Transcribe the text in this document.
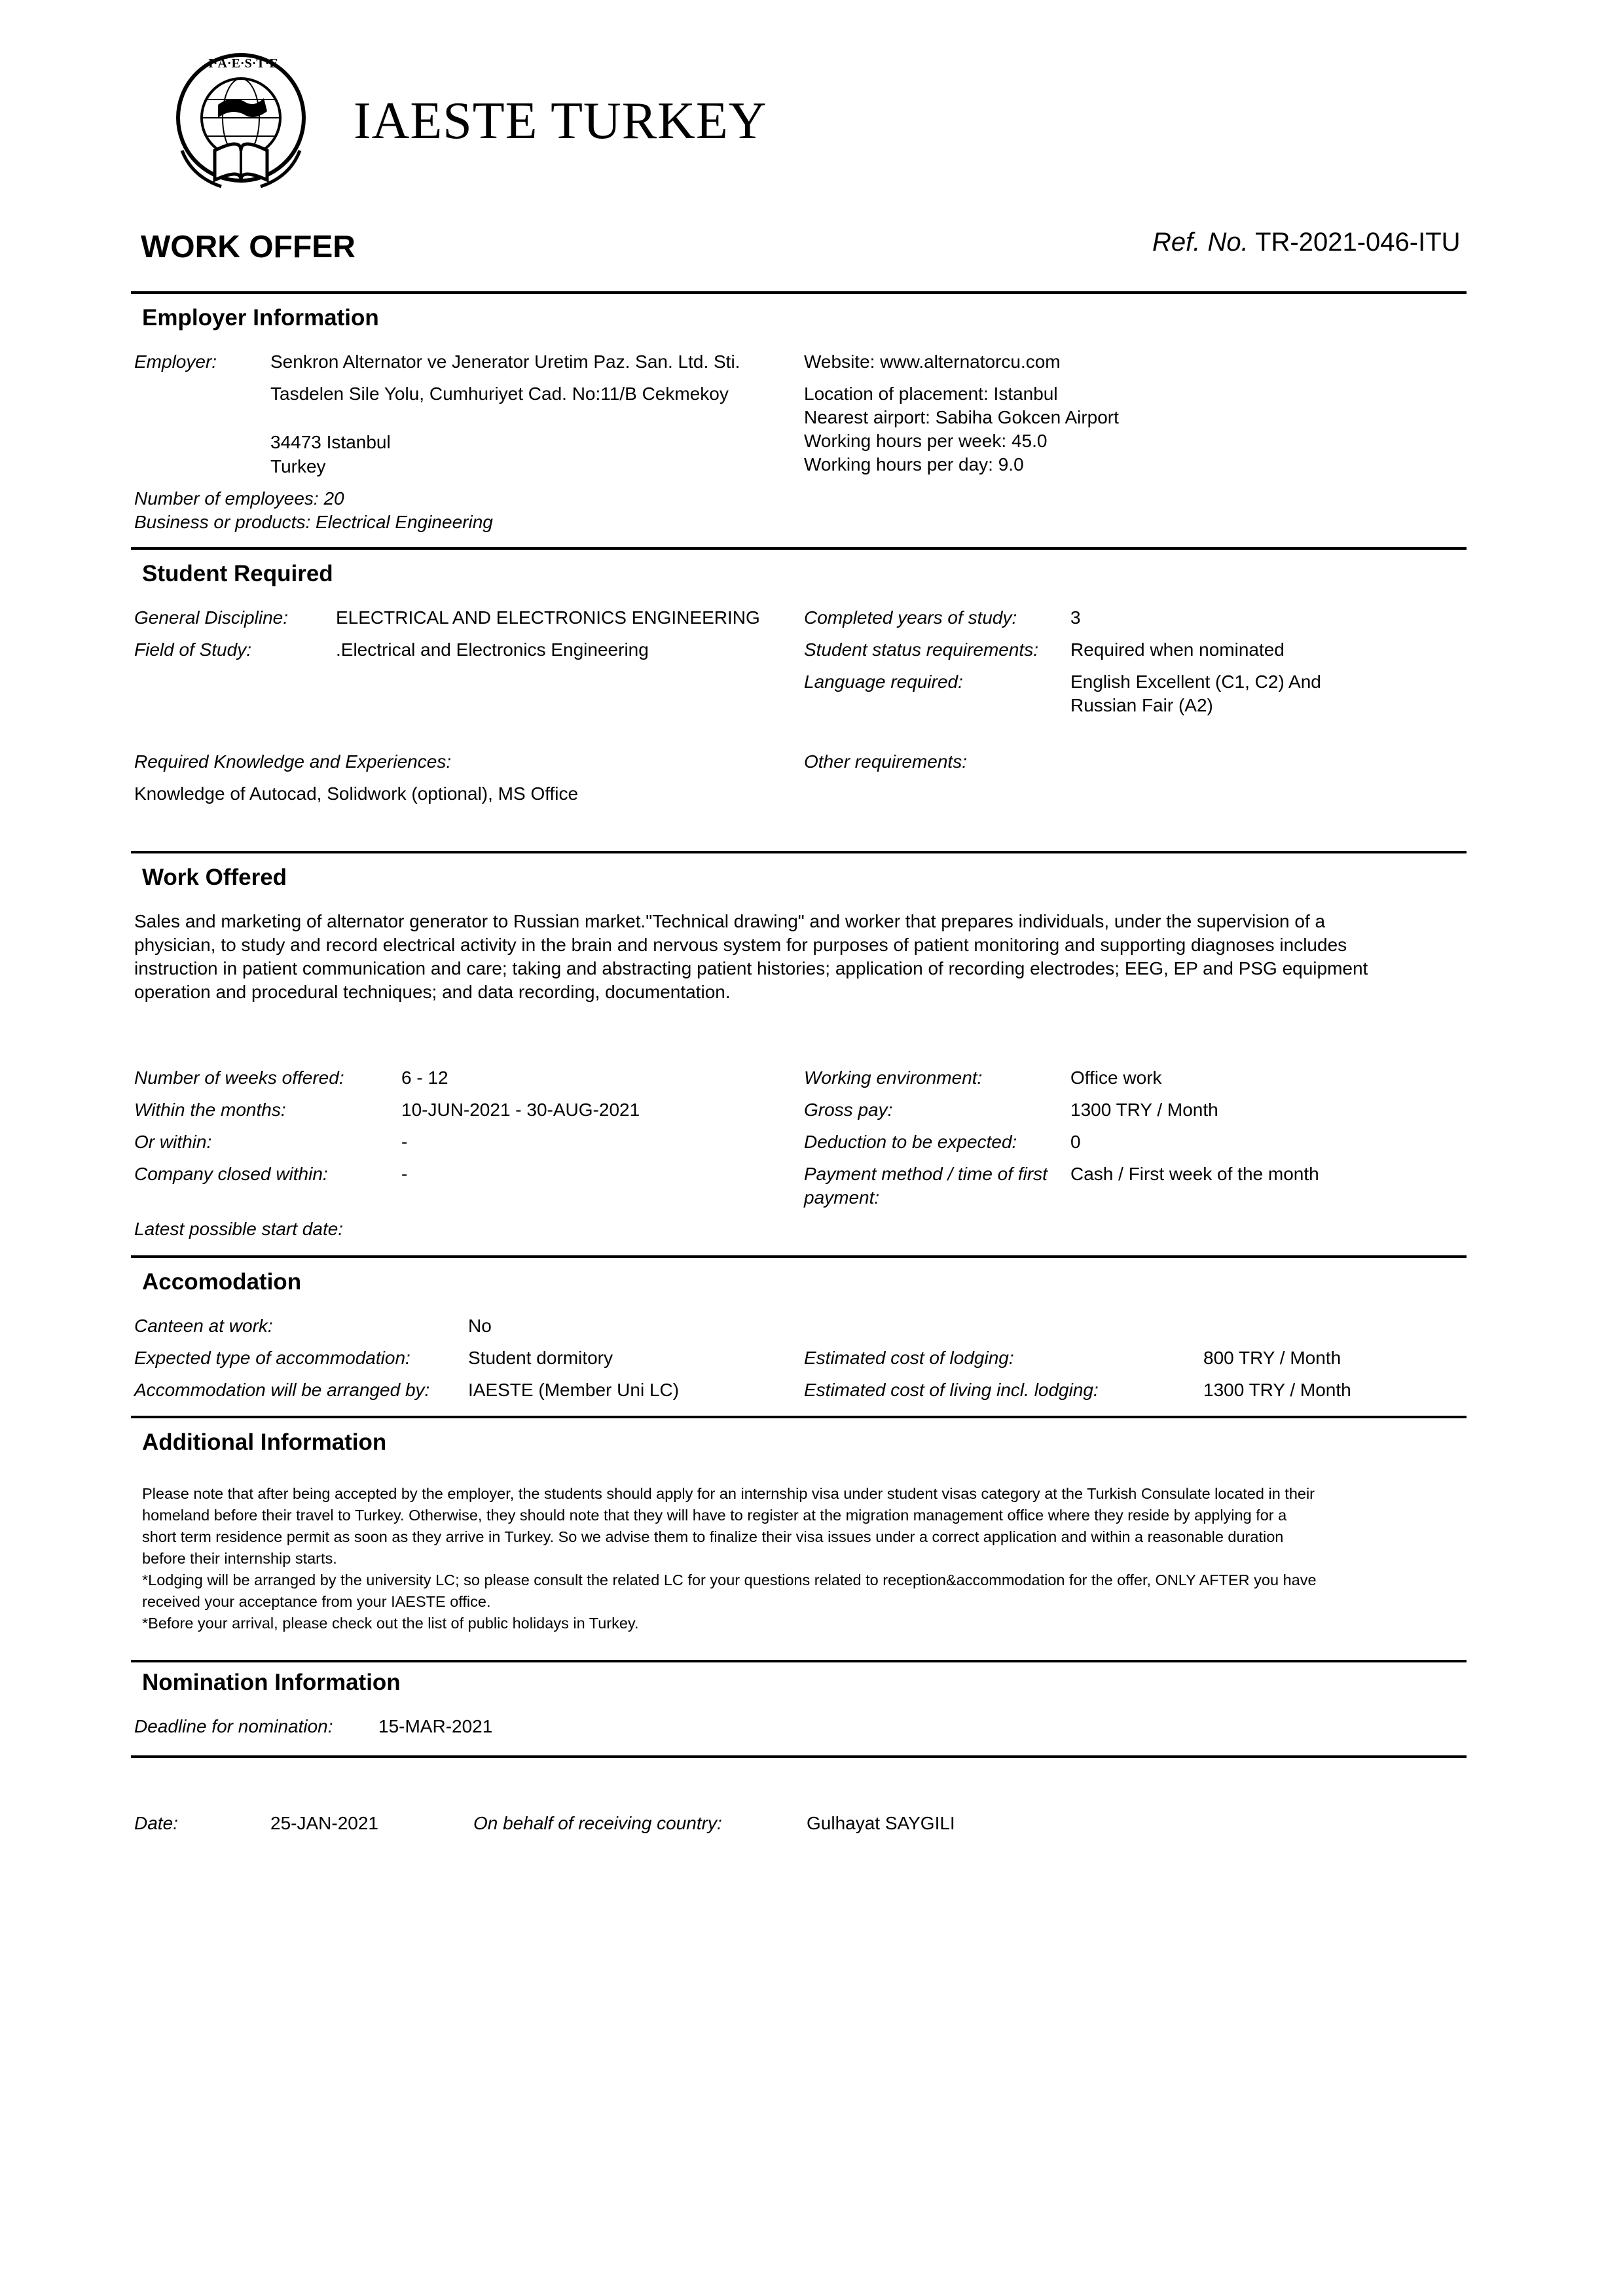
I·A·E·S·T·E
IAESTE TURKEY
WORK OFFER	Ref. No. TR-2021-046-ITU
Employer Information
Employer:	Senkron Alternator ve Jenerator Uretim Paz. San. Ltd. Sti.
Tasdelen Sile Yolu, Cumhuriyet Cad. No:11/B Cekmekoy
34473 Istanbul
Turkey
Website: www.alternatorcu.com
Location of placement: Istanbul
Nearest airport: Sabiha Gokcen Airport
Working hours per week: 45.0
Working hours per day: 9.0
Number of employees: 20
Business or products: Electrical Engineering
Student Required
General Discipline:	ELECTRICAL AND ELECTRONICS ENGINEERING
Field of Study:	.Electrical and Electronics Engineering
Completed years of study:	3
Student status requirements: Required when nominated
Language required:	English Excellent (C1, C2) And
Russian Fair (A2)
Required Knowledge and Experiences:
Knowledge of Autocad, Solidwork (optional), MS Office
Other requirements:
Work Offered
Sales and marketing of alternator generator to Russian market."Technical drawing" and worker that prepares individuals, under the supervision of a
physician, to study and record electrical activity in the brain and nervous system for purposes of patient monitoring and supporting diagnoses includes
instruction in patient communication and care; taking and abstracting patient histories; application of recording electrodes; EEG, EP and PSG equipment
operation and procedural techniques; and data recording, documentation.
Number of weeks offered:	6 - 12
Within the months:	10-JUN-2021 - 30-AUG-2021
Or within:	-
Company closed within:	-
Latest possible start date:
Working environment:	Office work
Gross pay:	1300 TRY / Month
Deduction to be expected:	0
Payment method / time of first
payment:
Cash / First week of the month
Accomodation
Canteen at work:	No
Expected type of accommodation:	Student dormitory
Accommodation will be arranged by: IAESTE (Member Uni LC)
Estimated cost of lodging:	800 TRY / Month
Estimated cost of living incl. lodging:	1300 TRY / Month
Additional Information
Please note that after being accepted by the employer, the students should apply for an internship visa under student visas category at the Turkish Consulate located in their
homeland before their travel to Turkey. Otherwise, they should note that they will have to register at the migration management office where they reside by applying for a
short term residence permit as soon as they arrive in Turkey. So we advise them to finalize their visa issues under a correct application and within a reasonable duration
before their internship starts.
*Lodging will be arranged by the university LC; so please consult the related LC for your questions related to reception&accommodation for the offer, ONLY AFTER you have
received your acceptance from your IAESTE office.
*Before your arrival, please check out the list of public holidays in Turkey.
Nomination Information
Deadline for nomination: 15-MAR-2021
Date:	25-JAN-2021	On behalf of receiving country:	Gulhayat SAYGILI
